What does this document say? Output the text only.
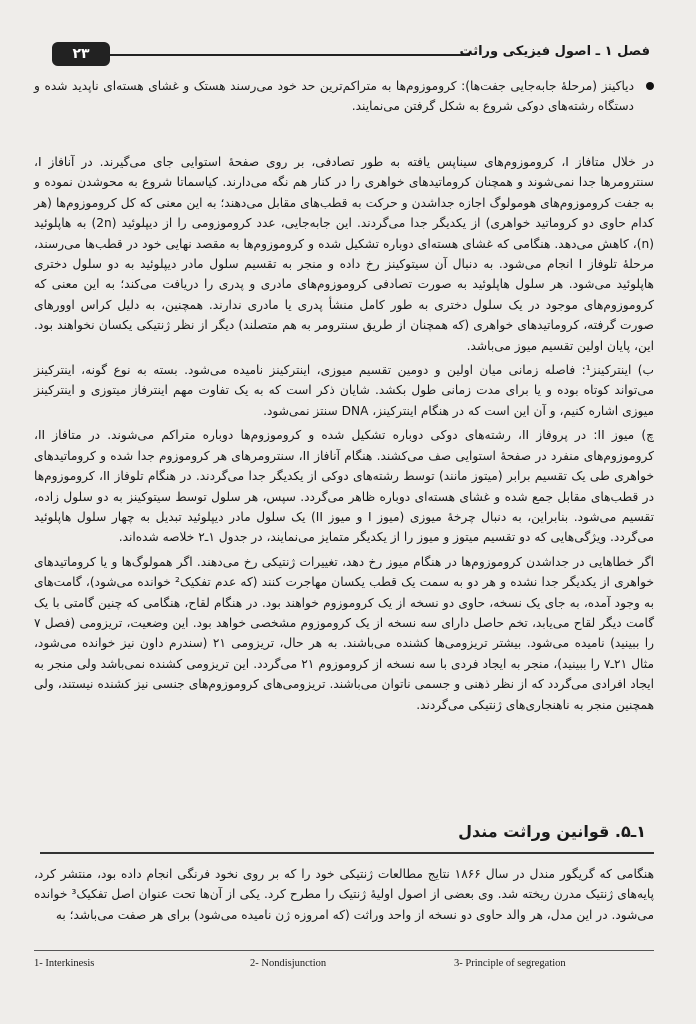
۲۳	فصل ۱ ـ اصول فیزیکی وراثت

دیاکینز (مرحلهٔ جابه‌جایی جفت‌ها): کروموزوم‌ها به متراکم‌ترین حد خود می‌رسند هستک و غشای هسته‌ای ناپدید شده و دستگاه رشته‌های دوکی شروع به شکل گرفتن می‌نمایند.

در خلال متافاز I، کروموزوم‌های سیناپس یافته به طور تصادفی، بر روی صفحهٔ استوایی جای می‌گیرند. در آنافاز I، سنترومرها جدا نمی‌شوند و همچنان کروماتیدهای خواهری را در کنار هم نگه می‌دارند. کیاسماتا شروع به محوشدن نموده و به جفت کروموزوم‌های هومولوگ اجازه جداشدن و حرکت به قطب‌های مقابل می‌دهند؛ به این معنی که کل کروموزوم‌ها (هر کدام حاوی دو کروماتید خواهری) از یکدیگر جدا می‌گردند. این جابه‌جایی، عدد کروموزومی را از دیپلوئید (2n) به هاپلوئید (n)، کاهش می‌دهد. هنگامی که غشای هسته‌ای دوباره تشکیل شده و کروموزوم‌ها به مقصد نهایی خود در قطب‌ها می‌رسند، مرحلهٔ تلوفاز I انجام می‌شود. به دنبال آن سیتوکینز رخ داده و منجر به تقسیم سلول مادر دیپلوئید به دو سلول دختری هاپلوئید می‌شود. هر سلول هاپلوئید به صورت تصادفی کروموزوم‌های مادری و پدری را دریافت می‌کند؛ به این معنی که کروموزوم‌های موجود در یک سلول دختری به طور کامل منشأ پدری یا مادری ندارند. همچنین، به دلیل کراس اوورهای صورت گرفته، کروماتیدهای خواهری (که همچنان از طریق سنترومر به هم متصلند) دیگر از نظر ژنتیکی یکسان نخواهند بود. این، پایان اولین تقسیم میوز می‌باشد.

ب) اینترکینز¹: فاصله زمانی میان اولین و دومین تقسیم میوزی، اینترکینز نامیده می‌شود. بسته به نوع گونه، اینترکینز می‌تواند کوتاه بوده و یا برای مدت زمانی طول بکشد. شایان ذکر است که به یک تفاوت مهم اینترفاز میتوزی و اینترکینز میوزی اشاره کنیم، و آن این است که در هنگام اینترکینز، DNA سنتز نمی‌شود.

چ) میوز II: در پروفاز II، رشته‌های دوکی دوباره تشکیل شده و کروموزوم‌ها دوباره متراکم می‌شوند. در متافاز II، کروموزوم‌های منفرد در صفحهٔ استوایی صف می‌کشند. هنگام آنافاز II، سنترومرهای هر کروموزوم جدا شده و کروماتیدهای خواهری طی یک تقسیم برابر (میتوز مانند) توسط رشته‌های دوکی از یکدیگر جدا می‌گردند. در هنگام تلوفاز II، کروموزوم‌ها در قطب‌های مقابل جمع شده و غشای هسته‌ای دوباره ظاهر می‌گردد. سپس، هر سلول توسط سیتوکینز به دو سلول زاده، تقسیم می‌شود. بنابراین، به دنبال چرخهٔ میوزی (میوز I و میوز II) یک سلول مادر دیپلوئید تبدیل به چهار سلول هاپلوئید می‌گردد. ویژگی‌هایی که دو تقسیم میتوز و میوز را از یکدیگر متمایز می‌نمایند، در جدول ۱ـ۲ خلاصه شده‌اند.

اگر خطاهایی در جداشدن کروموزوم‌ها در هنگام میوز رخ دهد، تغییرات ژنتیکی رخ می‌دهند. اگر همولوگ‌ها و یا کروماتیدهای خواهری از یکدیگر جدا نشده و هر دو به سمت یک قطب یکسان مهاجرت کنند (که عدم تفکیک² خوانده می‌شود)، گامت‌های به وجود آمده، به جای یک نسخه، حاوی دو نسخه از یک کروموزوم خواهند بود. در هنگام لقاح، هنگامی که چنین گامتی با یک گامت دیگر لقاح می‌یابد، تخم حاصل دارای سه نسخه از یک کروموزوم مشخصی خواهد بود. این وضعیت، تریزومی (فصل ۷ را ببینید) نامیده می‌شود. بیشتر تریزومی‌ها کشنده می‌باشند. به هر حال، تریزومی ۲۱ (سندرم داون نیز خوانده می‌شود، مثال ۲۱ـ۷ را ببینید)، منجر به ایجاد فردی با سه نسخه از کروموزوم ۲۱ می‌گردد. این تریزومی کشنده نمی‌باشد ولی منجر به ایجاد افرادی می‌گردد که از نظر ذهنی و جسمی ناتوان می‌باشند. تریزومی‌های کروموزوم‌های جنسی نیز کشنده نیستند، ولی همچنین منجر به ناهنجاری‌های ژنتیکی می‌گردند.

۱ـ۵. قوانین وراثت مندل

هنگامی که گریگور مندل در سال ۱۸۶۶ نتایج مطالعات ژنتیکی خود را که بر روی نخود فرنگی انجام داده بود، منتشر کرد، پایه‌های ژنتیک مدرن ریخته شد. وی بعضی از اصول اولیهٔ ژنتیک را مطرح کرد. یکی از آن‌ها تحت عنوان اصل تفکیک³ خوانده می‌شود. در این مدل، هر والد حاوی دو نسخه از واحد وراثت (که امروزه ژن نامیده می‌شود) برای هر صفت می‌باشد؛ به

1- Interkinesis	2- Nondisjunction	3- Principle of segregation
